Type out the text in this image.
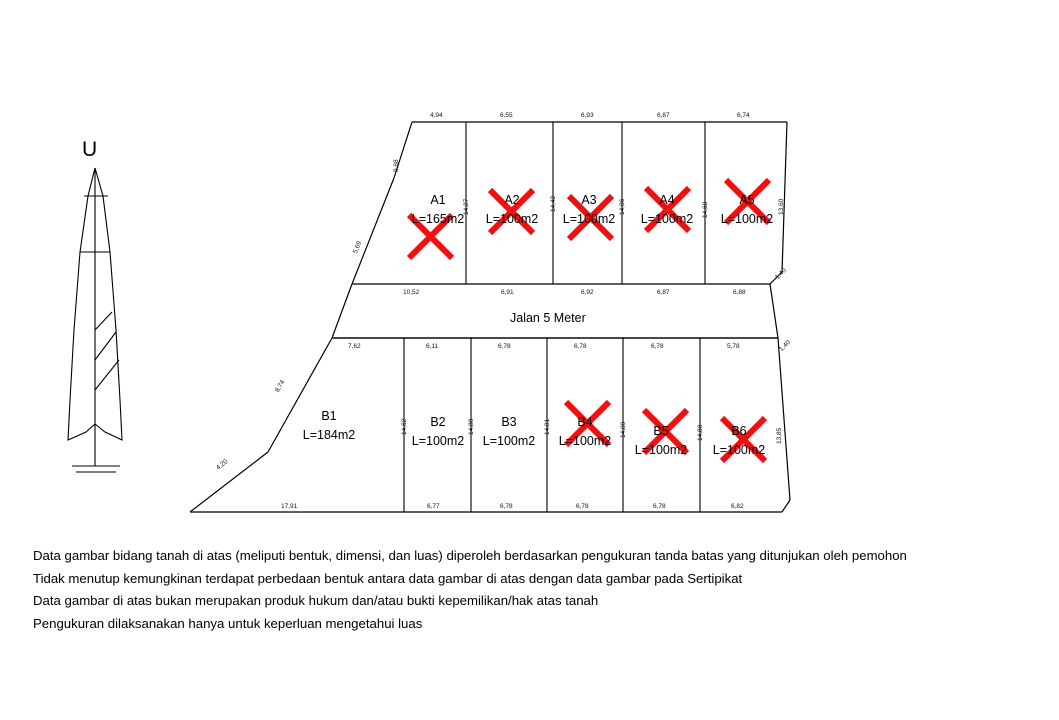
U
A1
L=165m2
A2
L=100m2
A3
L=100m2
A4
L=100m2
A5
L=100m2
Jalan 5 Meter
B1
L=184m2
B2
L=100m2
B3
L=100m2
B4
L=100m2
B5
L=100m2
B6
L=100m2
4,94	6,55	6,93	6,87	6,74
10,52	6,91	6,92	6,87	6,88
9,68
14,27	14,42	14,06	14,68	13,60
5,69
1,40
7,62	6,11	6,78	6,78	6,78	5,78
17,91	6,77	6,78	6,78	6,78	6,82
14,62	14,80	14,81	14,80	14,80	13,85
8,74
4,20
1,40
Data gambar bidang tanah di atas (meliputi bentuk, dimensi, dan luas) diperoleh berdasarkan pengukuran tanda batas yang ditunjukan oleh pemohon
Tidak menutup kemungkinan terdapat perbedaan bentuk antara data gambar di atas dengan data gambar pada Sertipikat
Data gambar di atas bukan merupakan produk hukum dan/atau bukti kepemilikan/hak atas tanah
Pengukuran dilaksanakan hanya untuk keperluan mengetahui luas
